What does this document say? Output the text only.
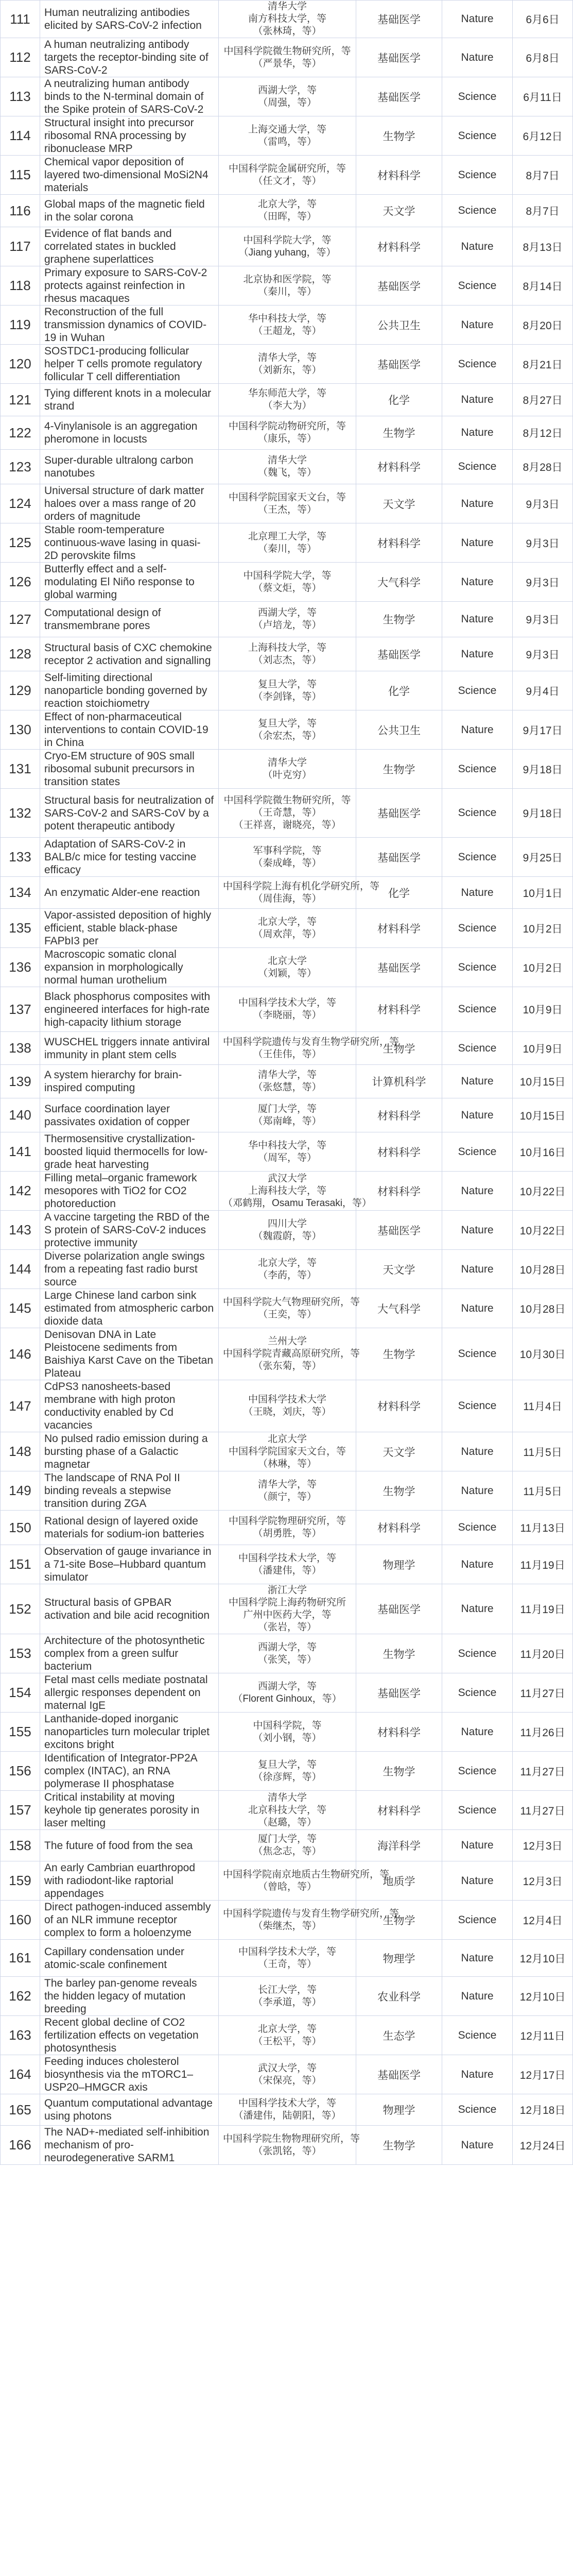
111	Human neutralizing antibodies elicited by SARS-CoV-2 infection	清华大学
南方科技大学，等
（张林琦，等）	基础医学	Nature	6月6日
112	A human neutralizing antibody targets the receptor-binding site of SARS-CoV-2	中国科学院微生物研究所，等
（严景华，等）	基础医学	Nature	6月8日
113	A neutralizing human antibody binds to the N-terminal domain of the Spike protein of SARS-CoV-2	西湖大学，等
（周强，等）	基础医学	Science	6月11日
114	Structural insight into precursor ribosomal RNA processing by ribonuclease MRP	上海交通大学，等
（雷鸣，等）	生物学	Science	6月12日
115	Chemical vapor deposition of layered two-dimensional MoSi2N4 materials	中国科学院金属研究所，等
（任文才，等）	材料科学	Science	8月7日
116	Global maps of the magnetic field in the solar corona	北京大学，等
（田晖，等）	天文学	Science	8月7日
117	Evidence of flat bands and correlated states in buckled graphene superlattices	中国科学院大学，等
（Jiang yuhang，等）	材料科学	Nature	8月13日
118	Primary exposure to SARS-CoV-2 protects against reinfection in rhesus macaques	北京协和医学院，等
（秦川，等）	基础医学	Science	8月14日
119	Reconstruction of the full transmission dynamics of COVID-19 in Wuhan	华中科技大学，等
（王超龙，等）	公共卫生	Nature	8月20日
120	SOSTDC1-producing follicular helper T cells promote regulatory follicular T cell differentiation	清华大学，等
（刘新东，等）	基础医学	Science	8月21日
121	Tying different knots in a molecular strand	华东师范大学，等
（李大为）	化学	Nature	8月27日
122	4-Vinylanisole is an aggregation pheromone in locusts	中国科学院动物研究所，等
（康乐，等）	生物学	Nature	8月12日
123	Super-durable ultralong carbon nanotubes	清华大学
（魏飞，等）	材料科学	Science	8月28日
124	Universal structure of dark matter haloes over a mass range of 20 orders of magnitude	中国科学院国家天文台，等
（王杰，等）	天文学	Nature	9月3日
125	Stable room-temperature continuous-wave lasing in quasi-2D perovskite films	北京理工大学，等
（秦川，等）	材料科学	Nature	9月3日
126	Butterfly effect and a self-modulating El Niño response to global warming	中国科学院大学，等
（蔡文炬，等）	大气科学	Nature	9月3日
127	Computational design of transmembrane pores	西湖大学，等
（卢培龙，等）	生物学	Nature	9月3日
128	Structural basis of CXC chemokine receptor 2 activation and signalling	上海科技大学，等
（刘志杰，等）	基础医学	Nature	9月3日
129	Self-limiting directional nanoparticle bonding governed by reaction stoichiometry	复旦大学，等
（李剑锋，等）	化学	Science	9月4日
130	Effect of non-pharmaceutical interventions to contain COVID-19 in China	复旦大学，等
（余宏杰，等）	公共卫生	Nature	9月17日
131	Cryo-EM structure of 90S small ribosomal subunit precursors in transition states	清华大学
（叶克穷）	生物学	Science	9月18日
132	Structural basis for neutralization of SARS-CoV-2 and SARS-CoV by a potent therapeutic antibody	中国科学院微生物研究所，等
（王奇慧，等）
（王祥喜，谢晓亮，等）	基础医学	Science	9月18日
133	Adaptation of SARS-CoV-2 in BALB/c mice for testing vaccine efficacy	军事科学院，等
（秦成峰，等）	基础医学	Science	9月25日
134	An enzymatic Alder-ene reaction	中国科学院上海有机化学研究所，等
（周佳海，等）	化学	Nature	10月1日
135	Vapor-assisted deposition of highly efficient, stable black-phase FAPbI3 per	北京大学，等
（周欢萍，等）	材料科学	Science	10月2日
136	Macroscopic somatic clonal expansion in morphologically normal human urothelium	北京大学
（刘颖，等）	基础医学	Science	10月2日
137	Black phosphorus composites with engineered interfaces for high-rate high-capacity lithium storage	中国科学技术大学，等
（李晓丽，等）	材料科学	Science	10月9日
138	WUSCHEL triggers innate antiviral immunity in plant stem cells	中国科学院遗传与发育生物学研究所，等
（王佳伟，等）	生物学	Science	10月9日
139	A system hierarchy for brain-inspired computing	清华大学，等
（张悠慧，等）	计算机科学	Nature	10月15日
140	Surface coordination layer passivates oxidation of copper	厦门大学，等
（郑南峰，等）	材料科学	Nature	10月15日
141	Thermosensitive crystallization-boosted liquid thermocells for low-grade heat harvesting	华中科技大学，等
（周军，等）	材料科学	Science	10月16日
142	Filling metal–organic framework mesopores with TiO2 for CO2 photoreduction	武汉大学
上海科技大学，等
（邓鹤翔，Osamu Terasaki，等）	材料科学	Nature	10月22日
143	A vaccine targeting the RBD of the S protein of SARS-CoV-2 induces protective immunity	四川大学
（魏霞蔚，等）	基础医学	Nature	10月22日
144	Diverse polarization angle swings from a repeating fast radio burst source	北京大学，等
（李菂，等）	天文学	Nature	10月28日
145	Large Chinese land carbon sink estimated from atmospheric carbon dioxide data	中国科学院大气物理研究所，等
（王奕，等）	大气科学	Nature	10月28日
146	Denisovan DNA in Late Pleistocene sediments from Baishiya Karst Cave on the Tibetan Plateau	兰州大学
中国科学院青藏高原研究所，等
（张东菊，等）	生物学	Science	10月30日
147	CdPS3 nanosheets-based membrane with high proton conductivity enabled by Cd vacancies	中国科学技术大学
（王晓，刘庆，等）	材料科学	Science	11月4日
148	No pulsed radio emission during a bursting phase of a Galactic magnetar	北京大学
中国科学院国家天文台，等
（林琳，等）	天文学	Nature	11月5日
149	The landscape of RNA Pol II binding reveals a stepwise transition during ZGA	清华大学，等
（颜宁，等）	生物学	Nature	11月5日
150	Rational design of layered oxide materials for sodium-ion batteries	中国科学院物理研究所，等
（胡勇胜，等）	材料科学	Science	11月13日
151	Observation of gauge invariance in a 71-site Bose–Hubbard quantum simulator	中国科学技术大学，等
（潘建伟，等）	物理学	Nature	11月19日
152	Structural basis of GPBAR activation and bile acid recognition	浙江大学
中国科学院上海药物研究所
广州中医药大学，等
（张岩，等）	基础医学	Nature	11月19日
153	Architecture of the photosynthetic complex from a green sulfur bacterium	西湖大学，等
（张笑，等）	生物学	Science	11月20日
154	Fetal mast cells mediate postnatal allergic responses dependent on maternal IgE	西湖大学，等
（Florent Ginhoux，等）	基础医学	Science	11月27日
155	Lanthanide-doped inorganic nanoparticles turn molecular triplet excitons bright	中国科学院，等
（刘小钢，等）	材料科学	Nature	11月26日
156	Identification of Integrator-PP2A complex (INTAC), an RNA polymerase II phosphatase	复旦大学，等
（徐彦辉，等）	生物学	Science	11月27日
157	Critical instability at moving keyhole tip generates porosity in laser melting	清华大学
北京科技大学，等
（赵璐，等）	材料科学	Science	11月27日
158	The future of food from the sea	厦门大学，等
（焦念志，等）	海洋科学	Nature	12月3日
159	An early Cambrian euarthropod with radiodont-like raptorial appendages	中国科学院南京地质古生物研究所，等
（曾晗，等）	地质学	Nature	12月3日
160	Direct pathogen-induced assembly of an NLR immune receptor complex to form a holoenzyme	中国科学院遗传与发育生物学研究所，等
（柴继杰，等）	生物学	Science	12月4日
161	Capillary condensation under atomic-scale confinement	中国科学技术大学，等
（王奇，等）	物理学	Nature	12月10日
162	The barley pan-genome reveals the hidden legacy of mutation breeding	长江大学，等
（李承道，等）	农业科学	Nature	12月10日
163	Recent global decline of CO2 fertilization effects on vegetation photosynthesis	北京大学，等
（王松平，等）	生态学	Science	12月11日
164	Feeding induces cholesterol biosynthesis via the mTORC1–USP20–HMGCR axis	武汉大学，等
（宋保亮，等）	基础医学	Nature	12月17日
165	Quantum computational advantage using photons	中国科学技术大学，等
（潘建伟，陆朝阳，等）	物理学	Science	12月18日
166	The NAD+-mediated self-inhibition mechanism of pro-neurodegenerative SARM1	中国科学院生物物理研究所，等
（张凯铭，等）	生物学	Nature	12月24日
